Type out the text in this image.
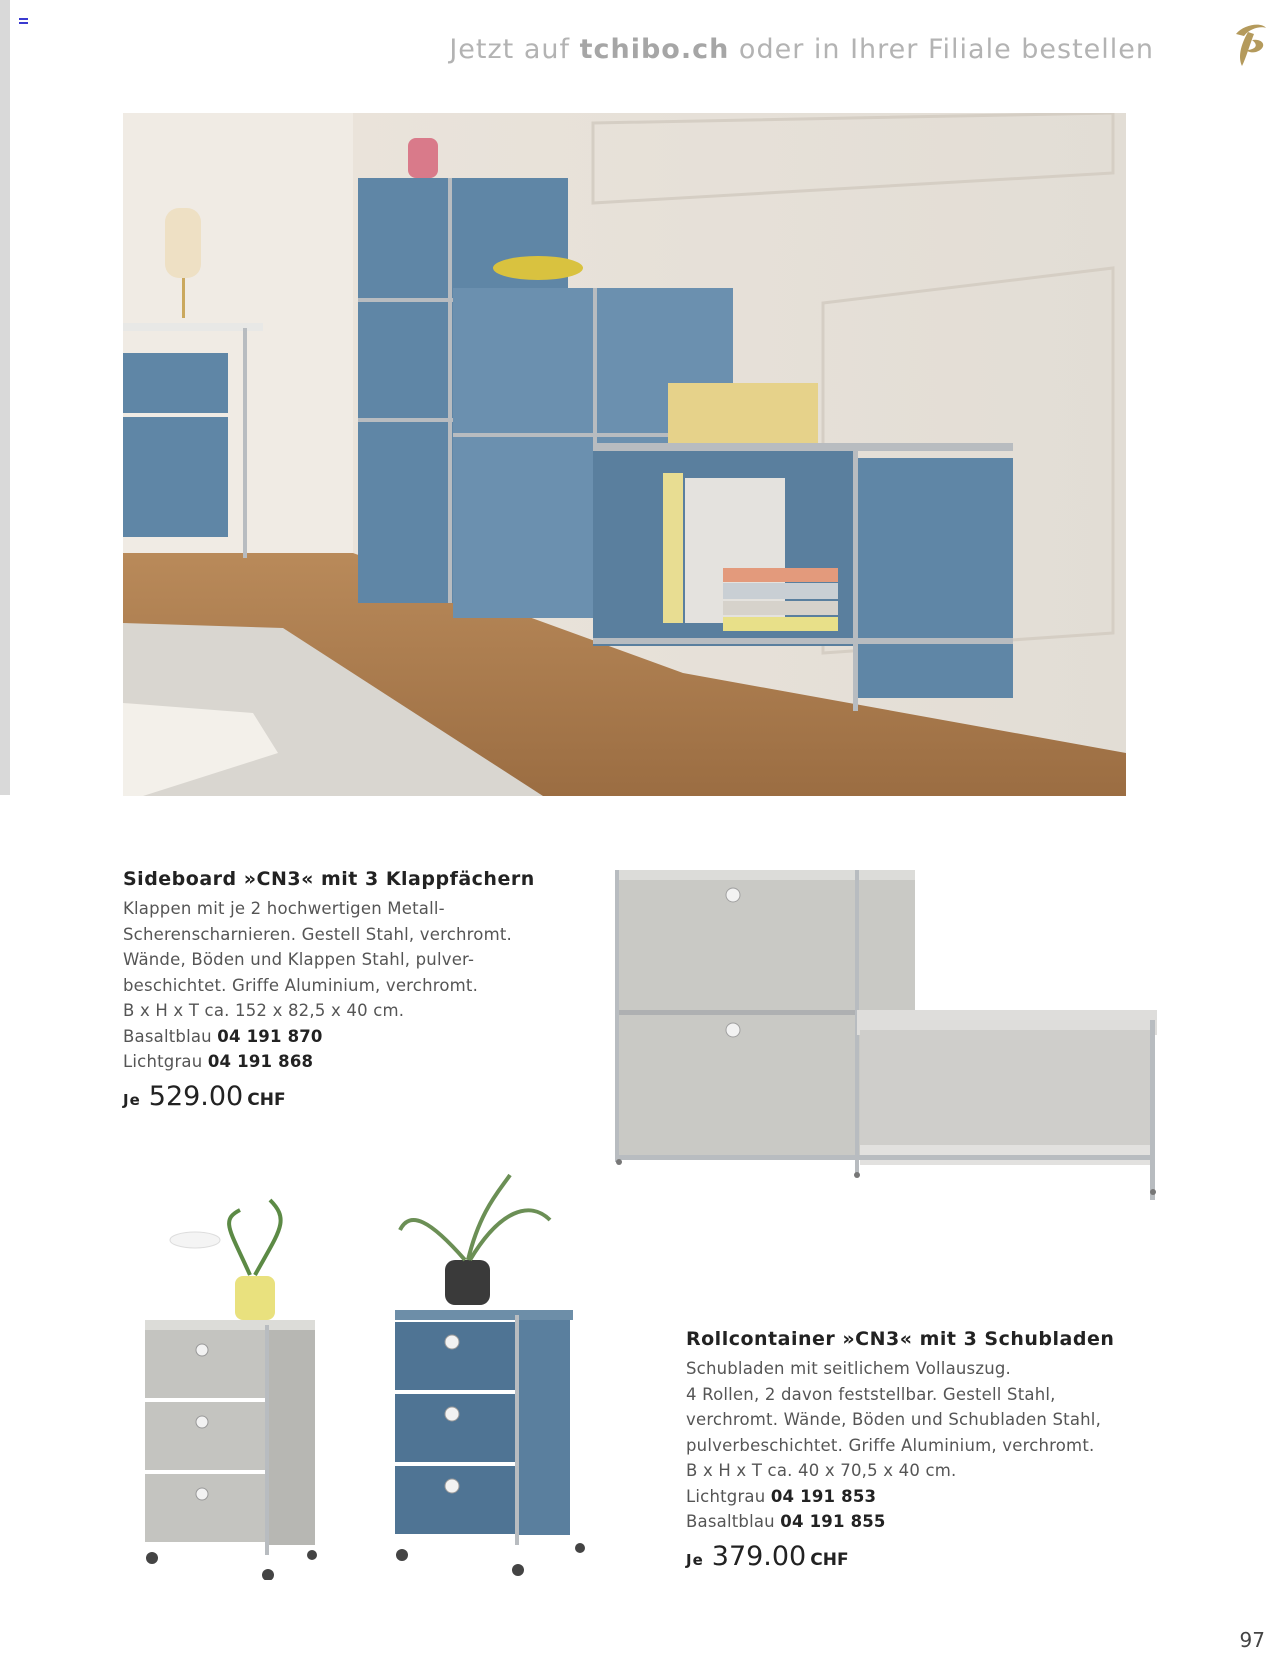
Jetzt auf tchibo.ch oder in Ihrer Filiale bestellen
Sideboard »CN3« mit 3 Klappfächern

Klappen mit je 2 hochwertigen Metall-

Scherenscharnieren. Gestell Stahl, verchromt.

Wände, Böden und Klappen Stahl, pulver-

beschichtet. Griffe Aluminium, verchromt.

B x H x T ca. 152 x 82,5 x 40 cm.

Basaltblau 04 191 870

Lichtgrau 04 191 868

Je 529.00 CHF
Rollcontainer »CN3« mit 3 Schubladen

Schubladen mit seitlichem Vollauszug.

4 Rollen, 2 davon feststellbar. Gestell Stahl,

verchromt. Wände, Böden und Schubladen Stahl,

pulverbeschichtet. Griffe Aluminium, verchromt.

B x H x T ca. 40 x 70,5 x 40 cm.

Lichtgrau 04 191 853

Basaltblau 04 191 855

Je 379.00 CHF
97
